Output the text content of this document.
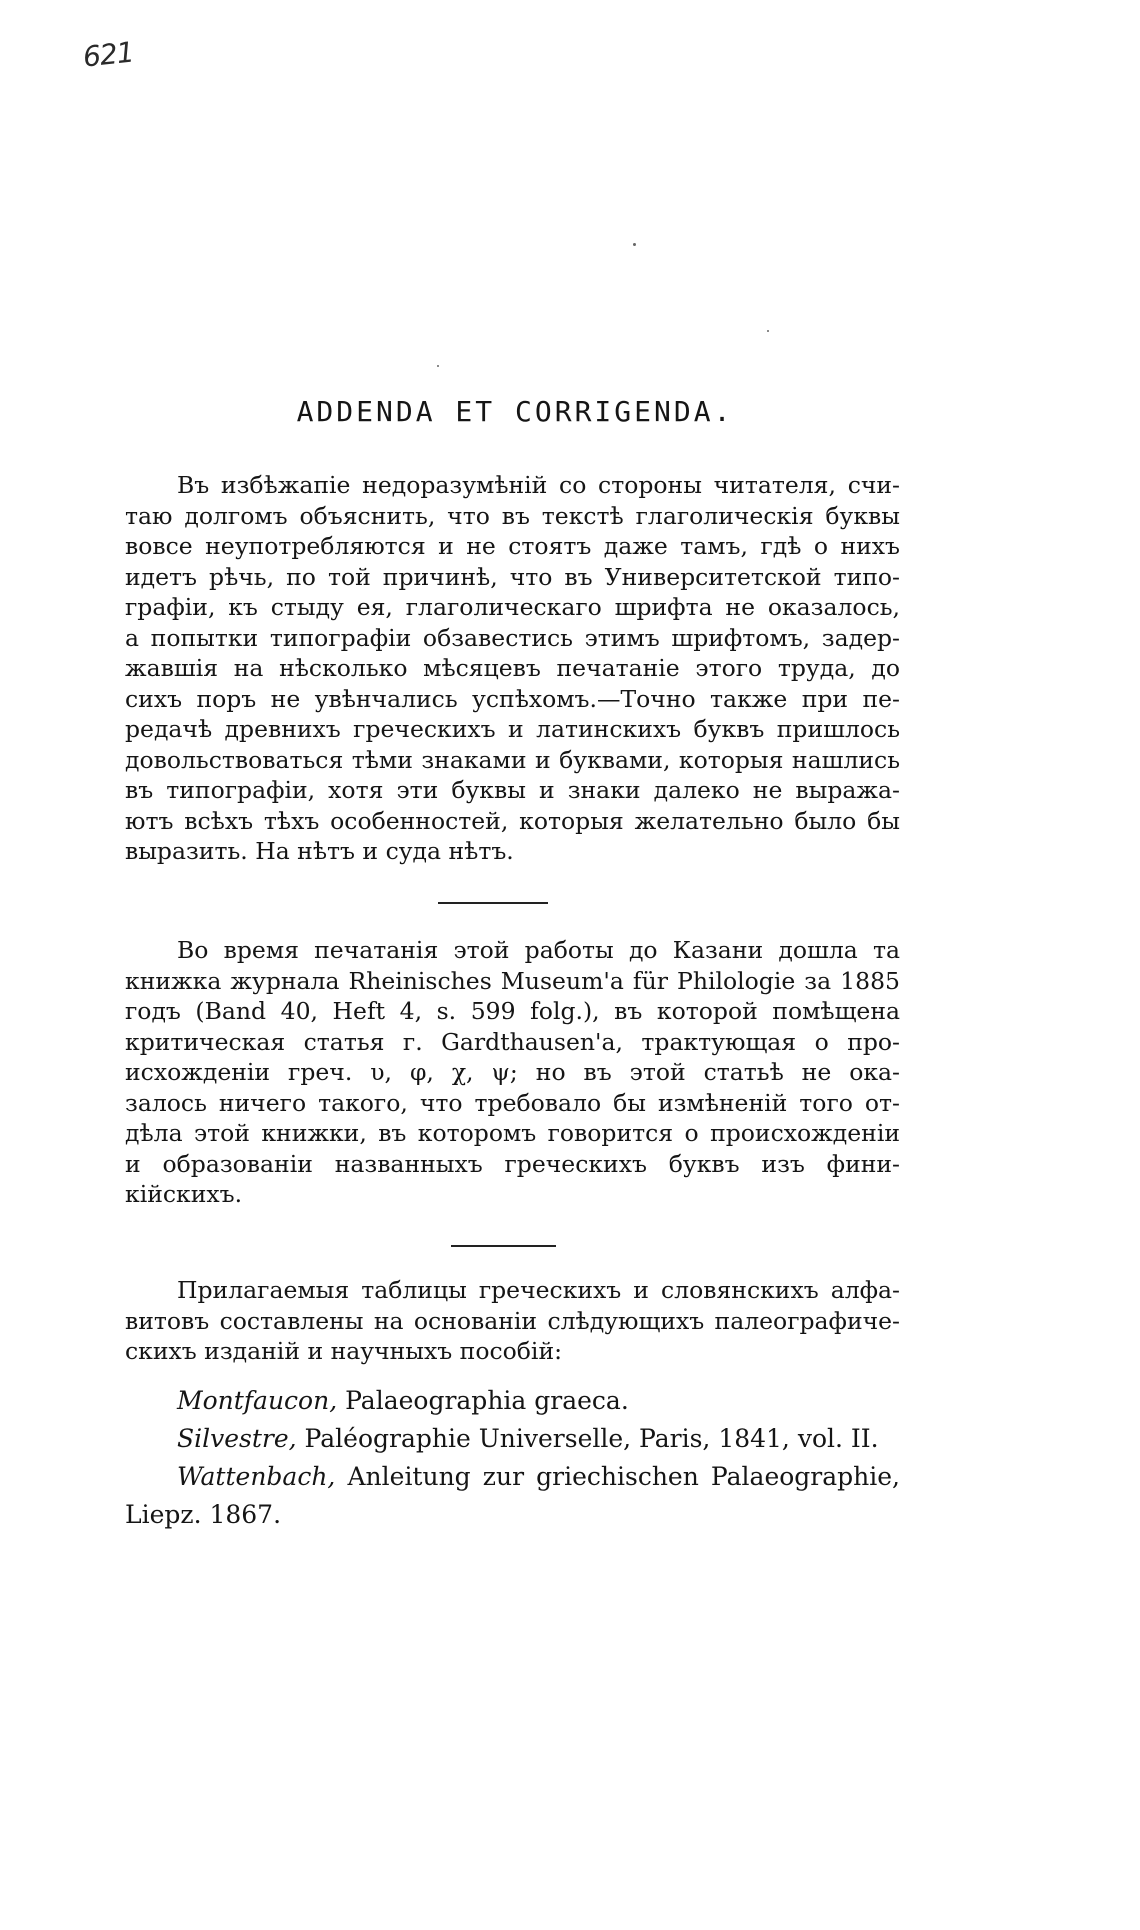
621
ADDENDA ET CORRIGENDA.
Въ избѣжапіе недоразумѣній со стороны читателя, счи-
таю долгомъ объяснить, что въ текстѣ глаголическія буквы
вовсе неупотребляются и не стоятъ даже тамъ, гдѣ о нихъ
идетъ рѣчь, по той причинѣ, что въ Университетской типо-
графіи, къ стыду ея, глаголическаго шрифта не оказалось,
а попытки типографіи обзавестись этимъ шрифтомъ, задер-
жавшія на нѣсколько мѣсяцевъ печатаніе этого труда, до
сихъ поръ не увѣнчались успѣхомъ.—Точно также при пе-
редачѣ древнихъ греческихъ и латинскихъ буквъ пришлось
довольствоваться тѣми знаками и буквами, которыя нашлись
въ типографіи, хотя эти буквы и знаки далеко не выража-
ютъ всѣхъ тѣхъ особенностей, которыя желательно было бы
выразить. На нѣтъ и суда нѣтъ.
Во время печатанія этой работы до Казани дошла та
книжка журнала Rheinisches Museum'а für Philologie за 1885
годъ (Band 40, Heft 4, s. 599 folg.), въ которой помѣщена
критическая статья г. Gardthausen'а, трактующая о про-
исхожденіи греч. υ, φ, χ, ψ; но въ этой статьѣ не ока-
залось ничего такого, что требовало бы измѣненій того от-
дѣла этой книжки, въ которомъ говорится о происхожденіи
и образованіи названныхъ греческихъ буквъ изъ фини-
кійскихъ.
Прилагаемыя таблицы греческихъ и словянскихъ алфа-
витовъ составлены на основаніи слѣдующихъ палеографиче-
скихъ изданій и научныхъ пособій:
Montfaucon, Palaeographia graeca.
Silvestre, Paléographie Universelle, Paris, 1841, vol. II.
Wattenbach, Anleitung zur griechischen Palaeographie, Liepz. 1867.
